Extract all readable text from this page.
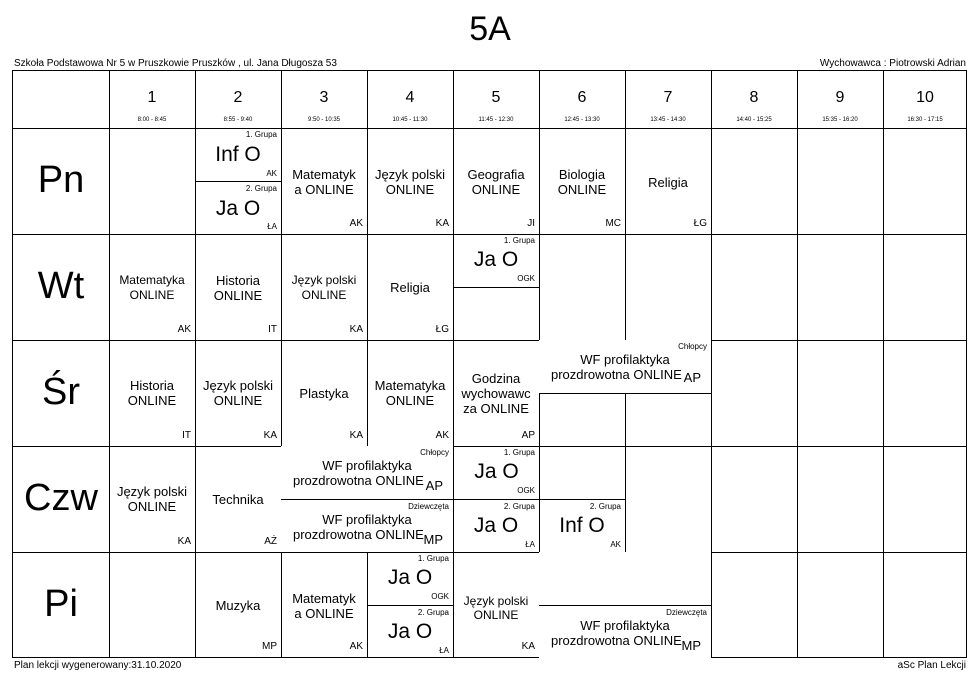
5A
Szkoła Podstawowa Nr 5 w Pruszkowie Pruszków , ul. Jana Długosza 53	Wychowawca : Piotrowski Adrian
1
8:00 - 8:45
2
8:55 - 9:40
3
9:50 - 10:35
4
10:45 - 11:30
5
11:45 - 12:30
6
12:45 - 13:30
7
13:45 - 14:30
8
14:40 - 15:25
9
15:35 - 16:20
10
16:30 - 17:15
Pn
Wt
Śr
Czw
Pi
1. Grupa
Inf O
AK
2. Grupa
Ja O
ŁA
Matematyk
a ONLINE
AK
Język polski
ONLINE
KA
Geografia
ONLINE
JI
Biologia
ONLINE
MC
Religia
ŁG
Matematyka
ONLINE
AK
Historia
ONLINE
IT
Język polski
ONLINE
KA
Religia
ŁG
1. Grupa
Ja O
OGK
Historia
ONLINE
IT
Język polski
ONLINE
KA
Plastyka
KA
Matematyka
ONLINE
AK
Godzina
wychowawc
za ONLINE
AP
Chłopcy
WF profilaktyka
prozdrowotna ONLINE AP
Język polski
ONLINE
KA
Technika
AŻ
Chłopcy
WF profilaktyka
prozdrowotna ONLINE AP
Dziewczęta
WF profilaktyka
prozdrowotna ONLINE MP
1. Grupa
Ja O
OGK
2. Grupa
Ja O
ŁA
2. Grupa
Inf O
AK
Muzyka
MP
Matematyk
a ONLINE
AK
1. Grupa
Ja O
OGK
2. Grupa
Ja O
ŁA
Język polski
ONLINE
KA
Dziewczęta
WF profilaktyka
prozdrowotna ONLINE MP
Plan lekcji wygenerowany:31.10.2020	aSc Plan Lekcji
